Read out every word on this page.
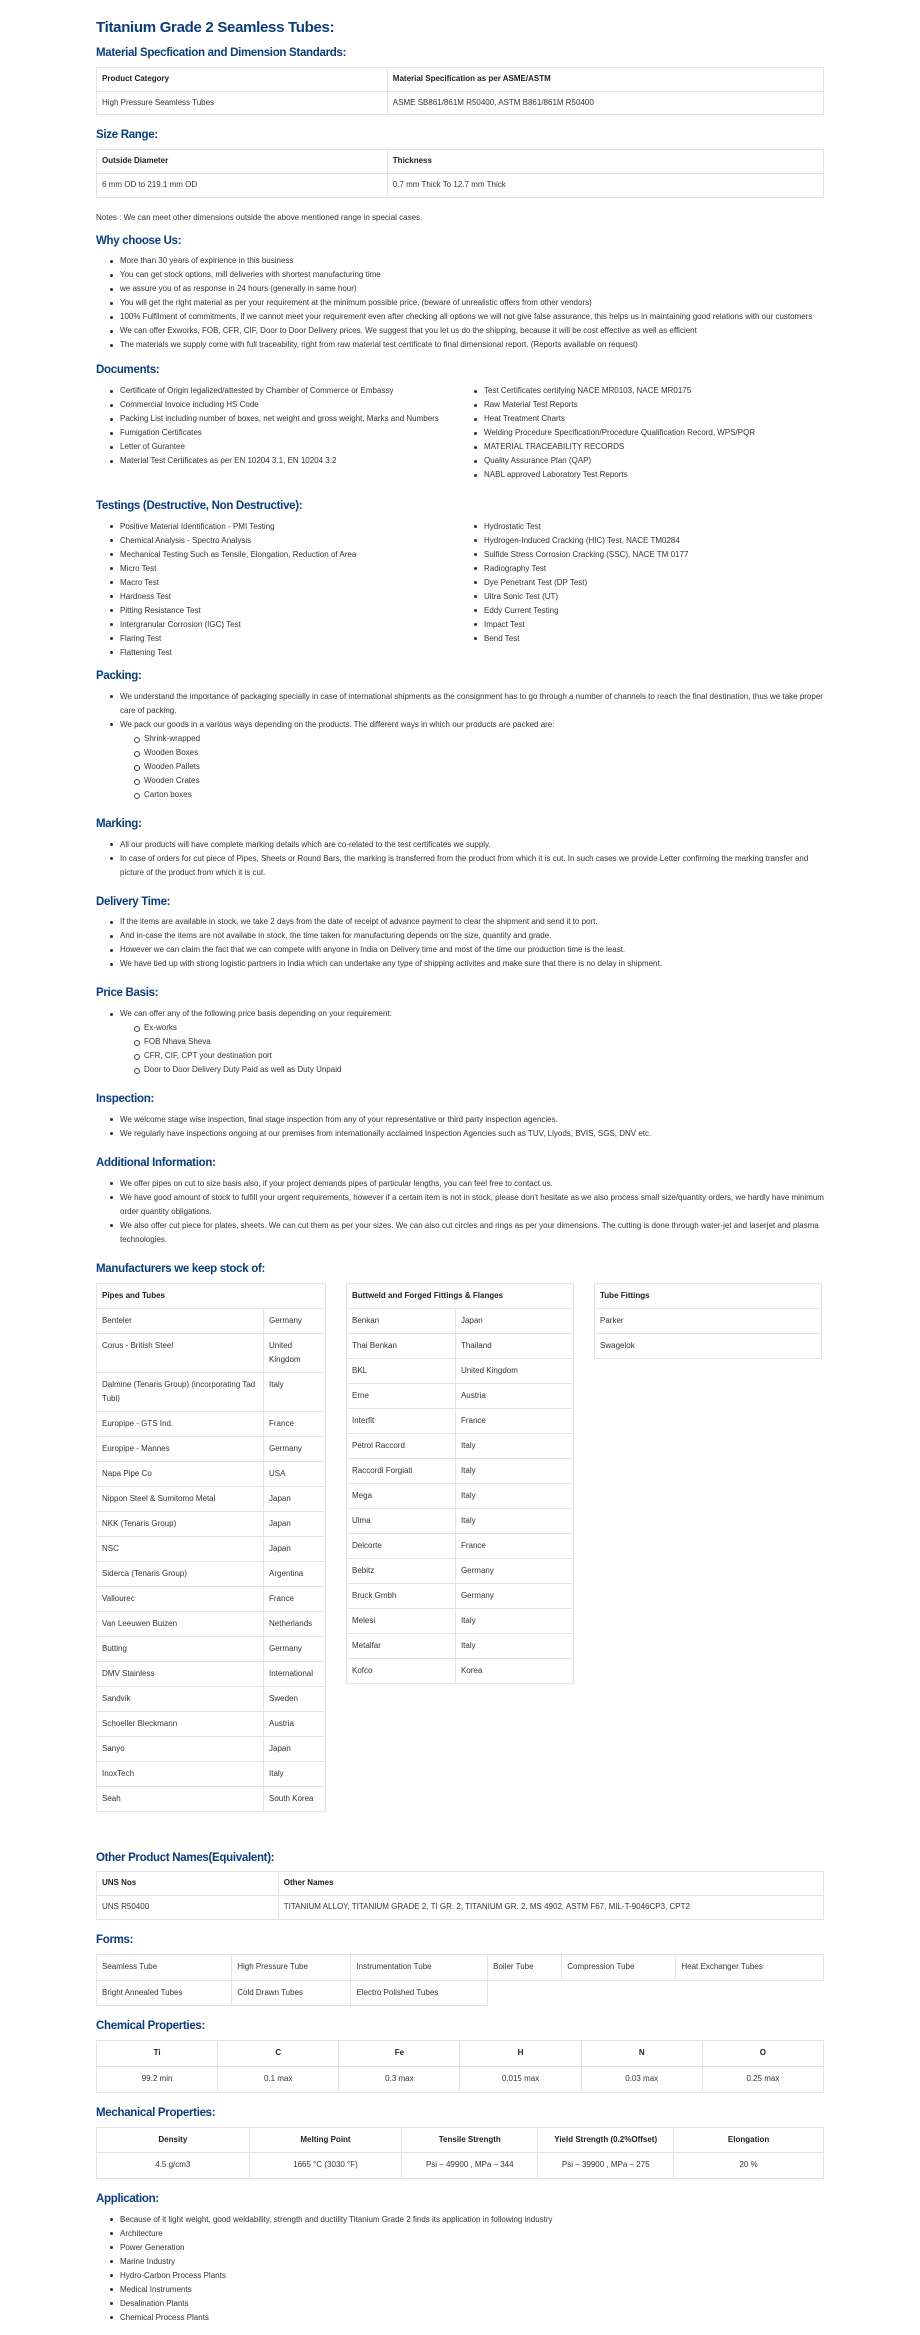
Titanium Grade 2 Seamless Tubes:
Material Specfication and Dimension Standards:
Product Category	Material Specification as per ASME/ASTM
High Pressure Seamless Tubes	ASME SB861/861M R50400, ASTM B861/861M R50400
Size Range:
Outside Diameter	Thickness
6 mm OD to 219.1 mm OD	0.7 mm Thick To 12.7 mm Thick

Notes : We can meet other dimensions outside the above mentioned range in special cases.

Why choose Us:
More than 30 years of expirience in this business
You can get stock options, mill deliveries with shortest manufacturing time
we assure you of as response in 24 hours (generally in same hour)
You will get the right material as per your requirement at the minimum possible price, (beware of unrealistic offers from other vendors)
100% Fulfilment of commitments, if we cannot meet your requirement even after checking all options we will not give false assurance, this helps us in maintaining good relations with our customers
We can offer Exworks, FOB, CFR, CIF, Door to Door Delivery prices. We suggest that you let us do the shipping, because it will be cost effective as well as efficient
The materials we supply come with full traceability, right from raw material test certificate to final dimensional report. (Reports available on request)
Documents:
Certificate of Origin legalized/attested by Chamber of Commerce or Embassy
Commercial Invoice including HS Code
Packing List including number of boxes, net weight and gross weight, Marks and Numbers
Fumigation Certificates
Letter of Gurantee
Material Test Certificates as per EN 10204 3.1, EN 10204 3.2
Test Certificates certifying NACE MR0103, NACE MR0175
Raw Material Test Reports
Heat Treatment Charts
Welding Procedure Specification/Procedure Qualification Record, WPS/PQR
MATERIAL TRACEABILITY RECORDS
Quality Assurance Plan (QAP)
NABL approved Laboratory Test Reports
Testings (Destructive, Non Destructive):
Positive Material Identification - PMI Testing
Chemical Analysis - Spectro Analysis
Mechanical Testing Such as Tensile, Elongation, Reduction of Area
Micro Test
Macro Test
Hardness Test
Pitting Resistance Test
Intergranular Corrosion (IGC) Test
Flaring Test
Flattening Test
Hydrostatic Test
Hydrogen-Induced Cracking (HIC) Test, NACE TM0284
Sulfide Stress Corrosion Cracking (SSC), NACE TM 0177
Radiography Test
Dye Penetrant Test (DP Test)
Ultra Sonic Test (UT)
Eddy Current Testing
Impact Test
Bend Test
Packing:
We understand the importance of packaging specially in case of international shipments as the consignment has to go through a number of channels to reach the final destination, thus we take proper care of packing.
We pack our goods in a various ways depending on the products. The different ways in which our products are packed are:
Shrink-wrapped
Wooden Boxes
Wooden Pallets
Wooden Crates
Carton boxes
Marking:
All our products will have complete marking details which are co-related to the test certificates we supply.
In case of orders for cut piece of Pipes, Sheets or Round Bars, the marking is transferred from the product from which it is cut. In such cases we provide Letter confirming the marking transfer and picture of the product from which it is cut.
Delivery Time:
If the items are available in stock, we take 2 days from the date of receipt of advance payment to clear the shipment and send it to port.
And in-case the items are not availabe in stock, the time taken for manufacturing depends on the size, quantity and grade.
However we can claim the fact that we can compete with anyone in India on Delivery time and most of the time our production time is the least.
We have tied up with strong logistic partners in India which can undertake any type of shipping activites and make sure that there is no delay in shipment.
Price Basis:
We can offer any of the following price basis depending on your requirement:
Ex-works
FOB Nhava Sheva
CFR, CIF, CPT your destination port
Door to Door Delivery Duty Paid as well as Duty Unpaid
Inspection:
We welcome stage wise inspection, final stage inspection from any of your representative or third party inspection agencies.
We regularly have inspections ongoing at our premises from internationally acclaimed Inspection Agencies such as TUV, Llyods, BVIS, SGS, DNV etc.
Additional Information:
We offer pipes on cut to size basis also, if your project demands pipes of particular lengths, you can feel free to contact us.
We have good amount of stock to fulfill your urgent requirements, however if a certain item is not in stock, please don't hesitate as we also process small size/quantity orders, we hardly have minimum order quantity obligations.
We also offer cut piece for plates, sheets. We can cut them as per your sizes. We can also cut circles and rings as per your dimensions. The cutting is done through water-jet and laserjet and plasma technologies.
Manufacturers we keep stock of:
Pipes and Tubes	
Benteler	Germany
Corus - British Steel	United Kingdom
Dalmine (Tenaris Group) (incorporating Tad Tubi)	Italy
Europipe - GTS Ind.	France
Europipe - Mannes	Germany
Napa Pipe Co	USA
Nippon Steel & Sumitomo Metal	Japan
NKK (Tenaris Group)	Japan
NSC	Japan
Siderca (Tenaris Group)	Argentina
Vallourec	France
Van Leeuwen Buizen	Netherlands
Butting	Germany
DMV Stainless	International
Sandvik	Sweden
Schoeller Bleckmann	Austria
Sanyo	Japan
InoxTech	Italy
Seah	South Korea
Buttweld and Forged Fittings & Flanges	
Benkan	Japan
Thai Benkan	Thailand
BKL	United Kingdom
Erne	Austria
Interfit	France
Petrol Raccord	Italy
Raccordi Forgiati	Italy
Mega	Italy
Ulma	Italy
Delcorte	France
Bebitz	Germany
Bruck Gmbh	Germany
Melesi	Italy
Metalfar	Italy
Kofco	Korea
Tube Fittings
Parker
Swagelok
Other Product Names(Equivalent):
UNS Nos	Other Names
UNS R50400	TITANIUM ALLOY, TITANIUM GRADE 2, TI GR. 2, TITANIUM GR. 2, MS 4902, ASTM F67, MIL-T-9046CP3, CPT2
Forms:
Seamless Tube	High Pressure Tube	Instrumentation Tube	Boiler Tube	Compression Tube	Heat Exchanger Tubes
Bright Annealed Tubes	Cold Drawn Tubes	Electro Polished Tubes			
Chemical Properties:
Ti	C	Fe	H	N	O
99.2 min	0.1 max	0.3 max	0.015 max	0.03 max	0.25 max
Mechanical Properties:
Density	Melting Point	Tensile Strength	Yield Strength (0.2%Offset)	Elongation
4.5 g/cm3	1665 °C (3030 °F)	Psi – 49900 , MPa – 344	Psi – 39900 , MPa – 275	20 %
Application:
Because of it light weight, good weldability, strength and ductility Titanium Grade 2 finds its application in following industry
Architecture
Power Generation
Marine Industry
Hydro-Carbon Process Plants
Medical Instruments
Desalination Plants
Chemical Process Plants
